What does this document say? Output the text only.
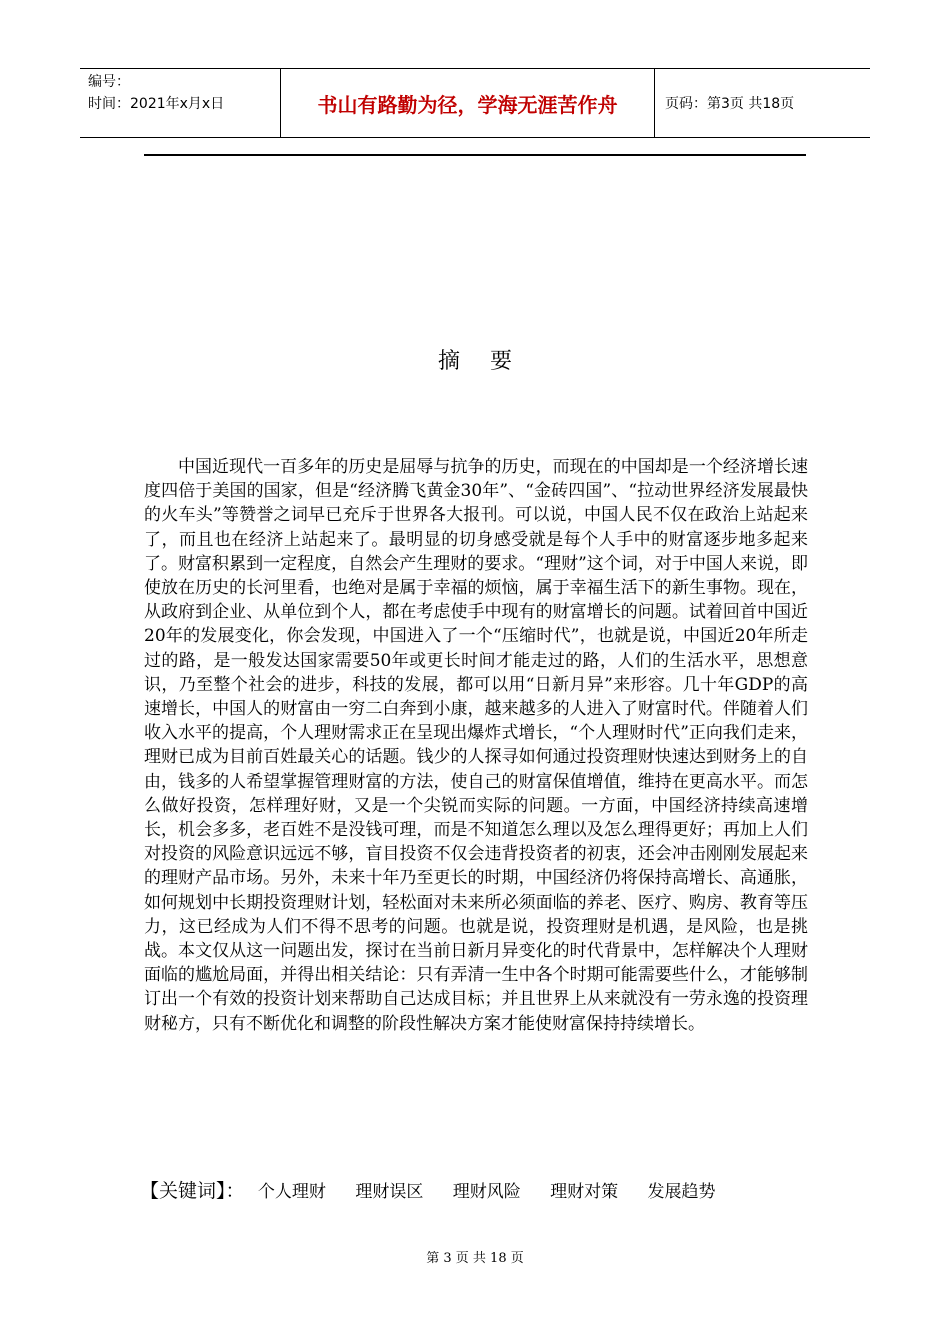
编号：
时间：2021年x月x日	书山有路勤为径，学海无涯苦作舟	页码：第3页 共18页
摘要
中国近现代一百多年的历史是屈辱与抗争的历史，而现在的中国却是一个经济增长速度四倍于美国的国家，但是“经济腾飞黄金30年”、“金砖四国”、“拉动世界经济发展最快的火车头”等赞誉之词早已充斥于世界各大报刊。可以说，中国人民不仅在政治上站起来了，而且也在经济上站起来了。最明显的切身感受就是每个人手中的财富逐步地多起来了。财富积累到一定程度，自然会产生理财的要求。“理财”这个词，对于中国人来说，即使放在历史的长河里看，也绝对是属于幸福的烦恼，属于幸福生活下的新生事物。现在，从政府到企业、从单位到个人，都在考虑使手中现有的财富增长的问题。试着回首中国近20年的发展变化，你会发现，中国进入了一个“压缩时代”，也就是说，中国近20年所走过的路，是一般发达国家需要50年或更长时间才能走过的路，人们的生活水平，思想意识，乃至整个社会的进步，科技的发展，都可以用“日新月异”来形容。几十年GDP的高速增长，中国人的财富由一穷二白奔到小康，越来越多的人进入了财富时代。伴随着人们收入水平的提高，个人理财需求正在呈现出爆炸式增长，“个人理财时代”正向我们走来，理财已成为目前百姓最关心的话题。钱少的人探寻如何通过投资理财快速达到财务上的自由，钱多的人希望掌握管理财富的方法，使自己的财富保值增值，维持在更高水平。而怎么做好投资，怎样理好财，又是一个尖锐而实际的问题。一方面，中国经济持续高速增长，机会多多，老百姓不是没钱可理，而是不知道怎么理以及怎么理得更好；再加上人们对投资的风险意识远远不够，盲目投资不仅会违背投资者的初衷，还会冲击刚刚发展起来的理财产品市场。另外，未来十年乃至更长的时期，中国经济仍将保持高增长、高通胀，如何规划中长期投资理财计划，轻松面对未来所必须面临的养老、医疗、购房、教育等压力，这已经成为人们不得不思考的问题。也就是说，投资理财是机遇，是风险，也是挑战。本文仅从这一问题出发，探讨在当前日新月异变化的时代背景中，怎样解决个人理财面临的尴尬局面，并得出相关结论：只有弄清一生中各个时期可能需要些什么，才能够制订出一个有效的投资计划来帮助自己达成目标；并且世界上从来就没有一劳永逸的投资理财秘方，只有不断优化和调整的阶段性解决方案才能使财富保持持续增长。
【关键词】： 个人理财 理财误区 理财风险 理财对策 发展趋势
第 3 页 共 18 页
